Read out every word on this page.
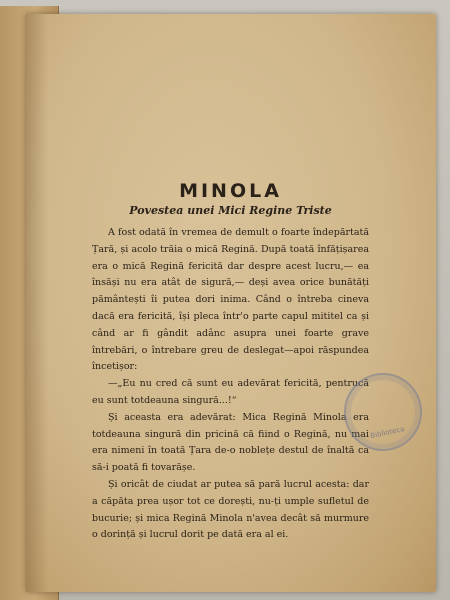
MINOLA
Povestea unei Mici Regine Triste

A fost odată în vremea de demult o foarte îndepărtată Țară, și acolo trăia o mică Regină. După toată înfățișarea era o mică Regină fericită dar despre acest lucru,— ea însăși nu era atât de sigură,— deși avea orice bunătăți pământești îi putea dori inima. Când o întreba cineva dacă era fericită, își pleca într'o parte capul mititel ca și când ar fi gândit adânc asupra unei foarte grave întrebări, o întrebare greu de deslegat—apoi răspundea încetișor:

—„Eu nu cred că sunt eu adevărat fericită, pentrucă eu sunt totdeauna singură...!“

Și aceasta era adevărat: Mica Regină Minola era totdeauna singură din pricină că fiind o Regină, nu mai era nimeni în toată Țara de-o noblețe destul de înaltă ca să-i poată fi tovarășe.

Și oricât de ciudat ar putea să pară lucrul acesta: dar a căpăta prea ușor tot ce dorești, nu-ți umple sufletul de bucurie; și mica Regină Minola n'avea decât să murmure o dorință și lucrul dorit pe dată era al ei.

Biblioteca
